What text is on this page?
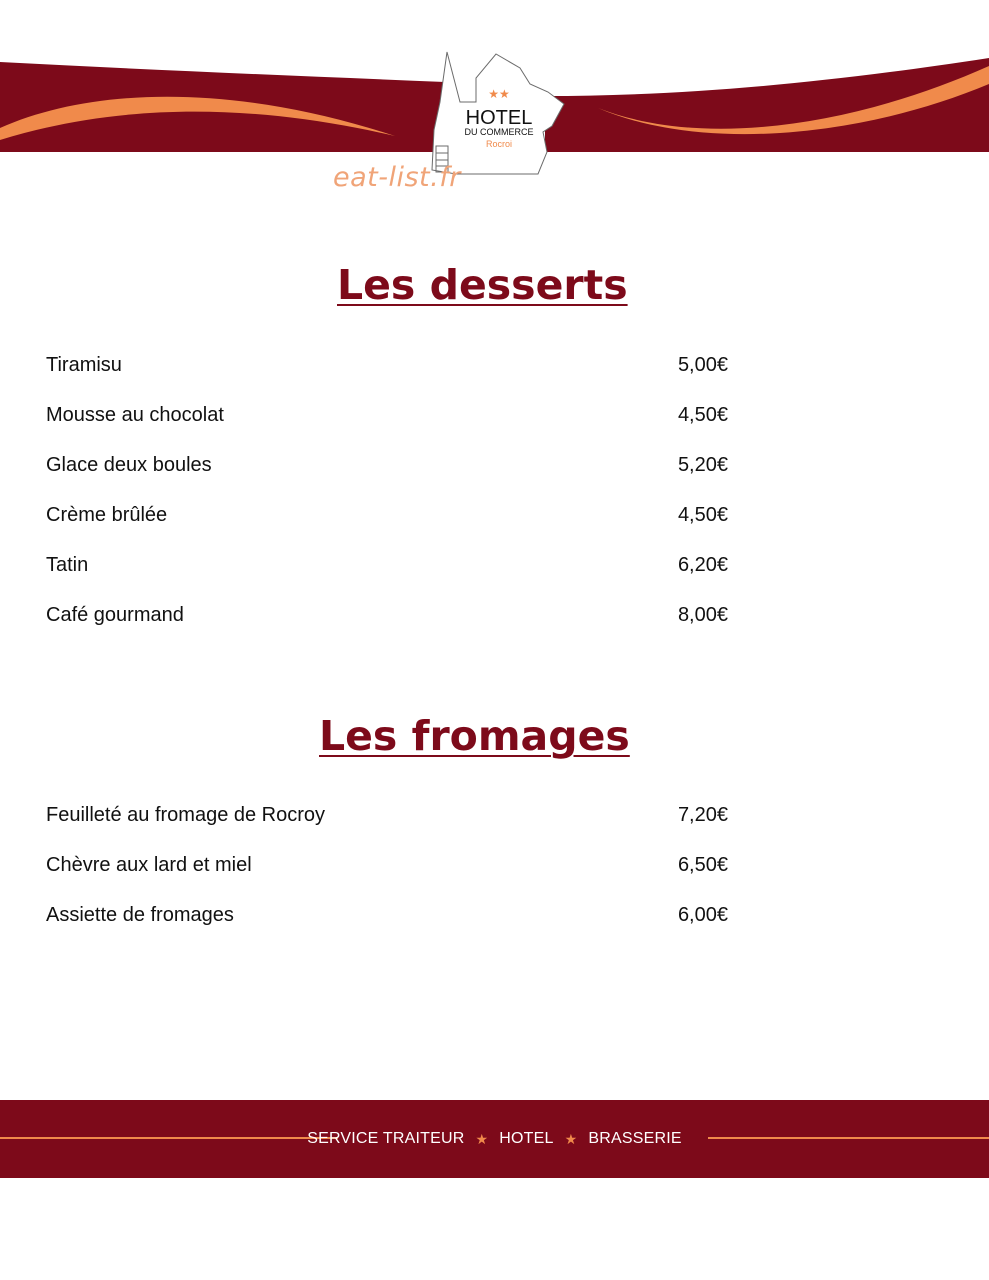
★★
HOTEL
DU COMMERCE
Rocroi
eat-list.fr
Les desserts
Tiramisu	5,00€
Mousse au chocolat	4,50€
Glace deux boules	5,20€
Crème brûlée	4,50€
Tatin	6,20€
Café gourmand	8,00€
Les fromages
Feuilleté au fromage de Rocroy	7,20€
Chèvre aux lard et miel	6,50€
Assiette de fromages	6,00€
SERVICE TRAITEUR ★ HOTEL ★ BRASSERIE
